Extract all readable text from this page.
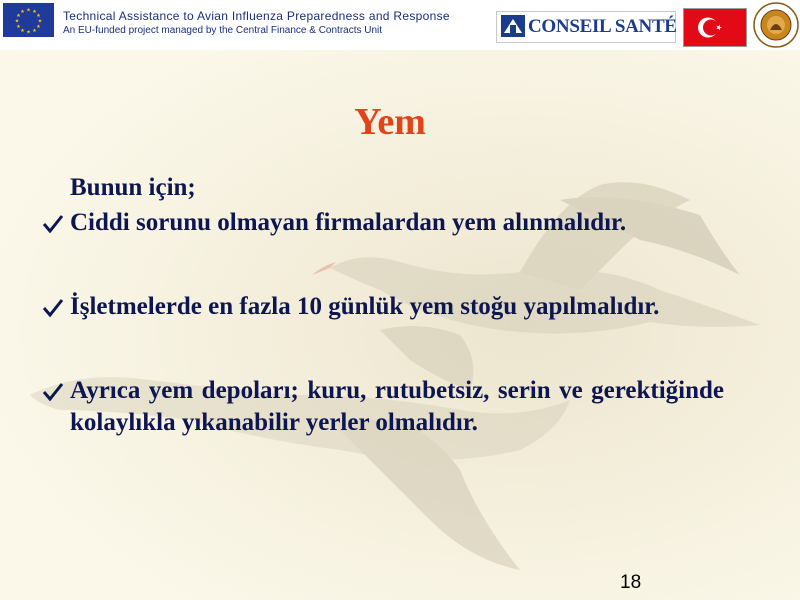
★ ★
★
★
★
★
★
★
★
★
★
★	Technical Assistance to Avian Influenza Preparedness and Response
An EU-funded project managed by the Central Finance & Contracts Unit	CONSEIL SANTÉ
Yem
Bunun için;
Ciddi sorunu olmayan firmalardan yem alınmalıdır.
İşletmelerde en fazla 10 günlük yem stoğu yapılmalıdır.
Ayrıca yem depoları; kuru, rutubetsiz, serin ve gerektiğinde kolaylıkla yıkanabilir yerler olmalıdır.
18
